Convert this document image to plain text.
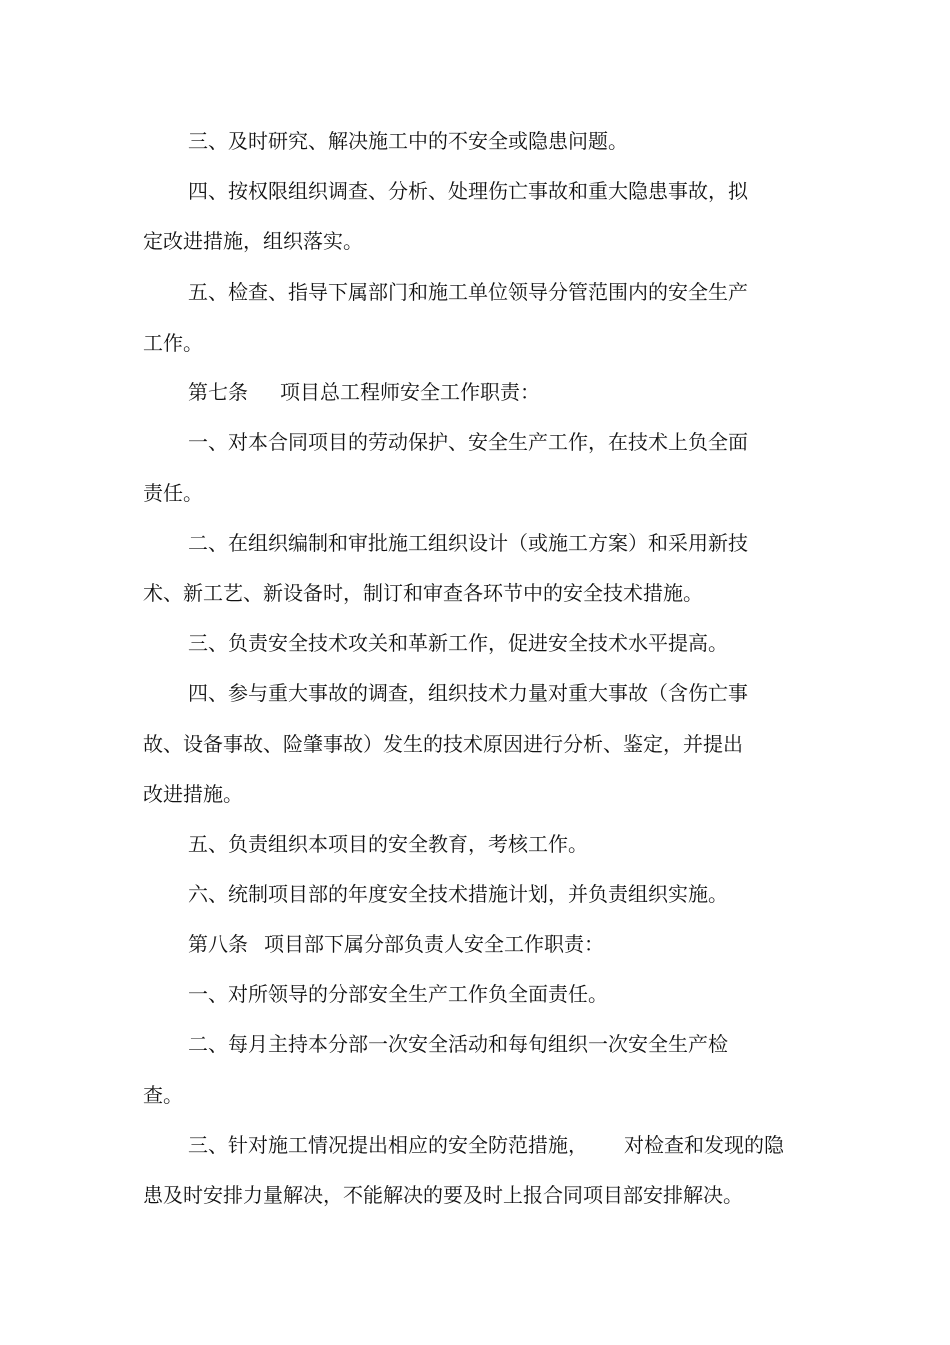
三、及时研究、解决施工中的不安全或隐患问题。
四、按权限组织调查、分析、处理伤亡事故和重大隐患事故，拟
定改进措施，组织落实。
五、检查、指导下属部门和施工单位领导分管范围内的安全生产
工作。
第七条 项目总工程师安全工作职责：
一、对本合同项目的劳动保护、安全生产工作，在技术上负全面
责任。
二、在组织编制和审批施工组织设计（或施工方案）和采用新技
术、新工艺、新设备时，制订和审查各环节中的安全技术措施。
三、负责安全技术攻关和革新工作，促进安全技术水平提高。
四、参与重大事故的调查，组织技术力量对重大事故（含伤亡事
故、设备事故、险肇事故）发生的技术原因进行分析、鉴定，并提出
改进措施。
五、负责组织本项目的安全教育，考核工作。
六、统制项目部的年度安全技术措施计划，并负责组织实施。
第八条 项目部下属分部负责人安全工作职责：
一、对所领导的分部安全生产工作负全面责任。
二、每月主持本分部一次安全活动和每旬组织一次安全生产检
查。
三、针对施工情况提出相应的安全防范措施， 对检查和发现的隐
患及时安排力量解决，不能解决的要及时上报合同项目部安排解决。
